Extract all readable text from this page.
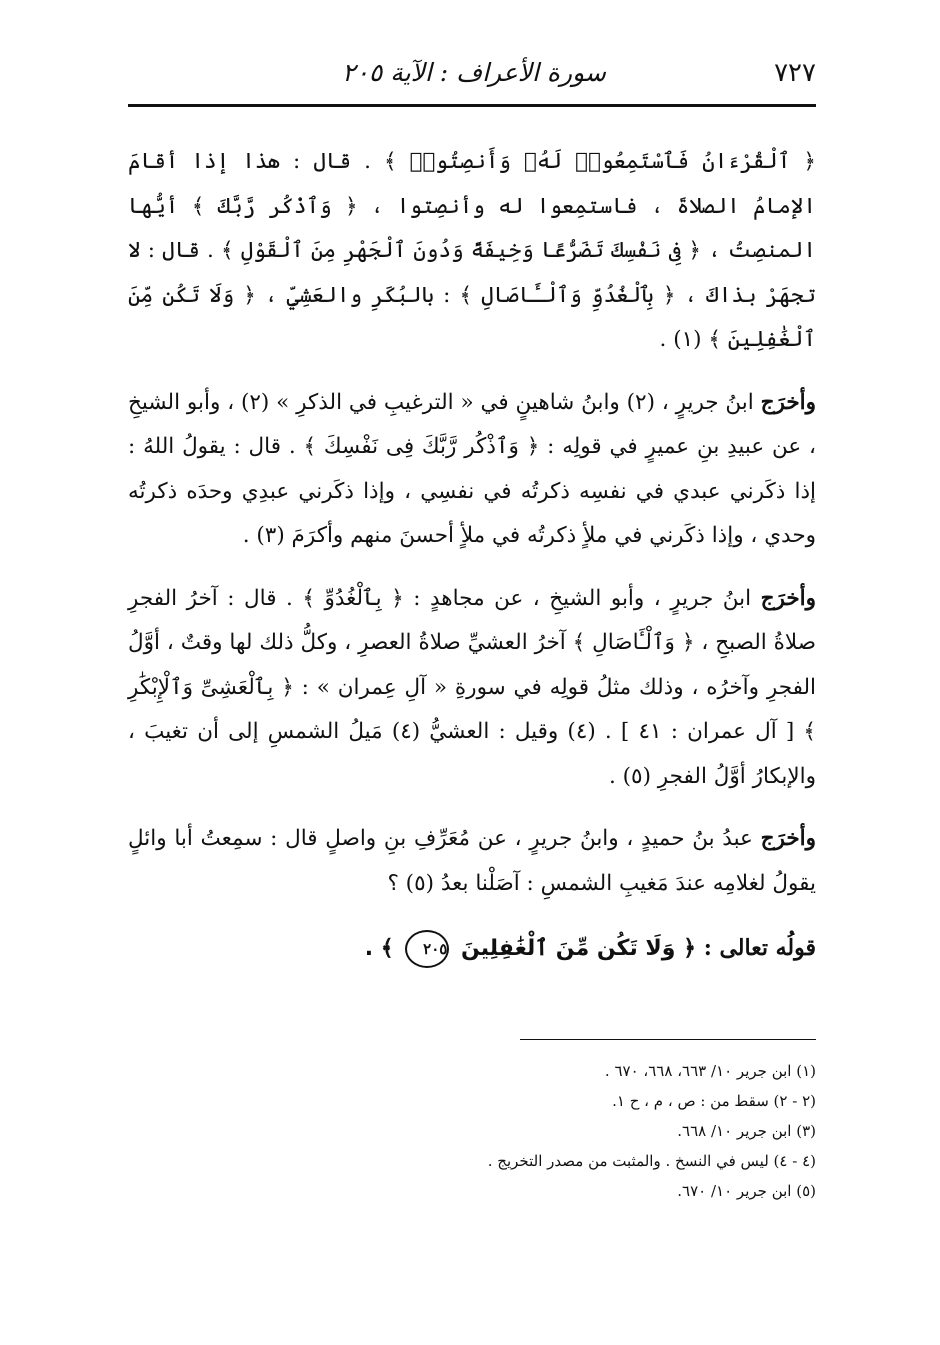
٧٢٧
سورة الأعراف : الآية ٢٠٥

﴿ ٱلْقُرْءَانُ فَٱسْتَمِعُوا۟ لَهُۥ وَأَنصِتُوا۟ ﴾ . قال : هذا إذا أقامَ الإمامُ الصلاةَ ، فاستمِعوا له وأنصِتوا ، ﴿ وَٱذْكُر رَّبَّكَ ﴾ أيُّها المنصِتُ ، ﴿ فِى نَفْسِكَ تَضَرُّعًا وَخِيفَةً وَدُونَ ٱلْجَهْرِ مِنَ ٱلْقَوْلِ ﴾ . قال : لا تجهَرْ بذاكَ ، ﴿ بِٱلْغُدُوِّ وَٱلْـَٔاصَالِ ﴾ : بالبُكَرِ والعَشِيِّ ، ﴿ وَلَا تَكُن مِّنَ ٱلْغَٰفِلِينَ ﴾ (١) .

وأخرَج ابنُ جريرٍ ، (٢) وابنُ شاهينٍ في « الترغيبِ في الذكرِ » (٢) ، وأبو الشيخِ ، عن عبيدِ بنِ عميرٍ في قولِه : ﴿ وَٱذْكُر رَّبَّكَ فِى نَفْسِكَ ﴾ . قال : يقولُ اللهُ : إذا ذكَرني عبدي في نفسِه ذكرتُه في نفسِي ، وإذا ذكَرني عبدِي وحدَه ذكرتُه وحدي ، وإذا ذكَرني في ملأٍ ذكرتُه في ملأٍ أحسنَ منهم وأكرَمَ (٣) .

وأخرَج ابنُ جريرٍ ، وأبو الشيخِ ، عن مجاهدٍ : ﴿ بِٱلْغُدُوِّ ﴾ . قال : آخرُ الفجرِ صلاةُ الصبحِ ، ﴿ وَٱلْـَٔاصَالِ ﴾ آخرُ العشيِّ صلاةُ العصرِ ، وكلُّ ذلك لها وقتٌ ، أوَّلُ الفجرِ وآخرُه ، وذلك مثلُ قولِه في سورةِ « آلِ عِمران » : ﴿ بِٱلْعَشِىِّ وَٱلْإِبْكَٰرِ ﴾ [ آل عمران : ٤١ ] . (٤) وقيل : العشيُّ (٤) مَيلُ الشمسِ إلى أن تغيبَ ، والإبكارُ أوَّلُ الفجرِ (٥) .

وأخرَج عبدُ بنُ حميدٍ ، وابنُ جريرٍ ، عن مُعَرِّفِ بنِ واصلٍ قال : سمِعتُ أبا وائلٍ يقولُ لغلامِه عندَ مَغيبِ الشمسِ : آصَلْنا بعدُ (٥) ؟

قولُه تعالى : ﴿ وَلَا تَكُن مِّنَ ٱلْغَٰفِلِينَ ٢٠٥ ﴾ .

(١) ابن جرير ١٠/ ٦٦٣، ٦٦٨، ٦٧٠ .
(٢ - ٢) سقط من : ص ، م ، ح ١.
(٣) ابن جرير ١٠/ ٦٦٨.
(٤ - ٤) ليس في النسخ . والمثبت من مصدر التخريج .
(٥) ابن جرير ١٠/ ٦٧٠.
